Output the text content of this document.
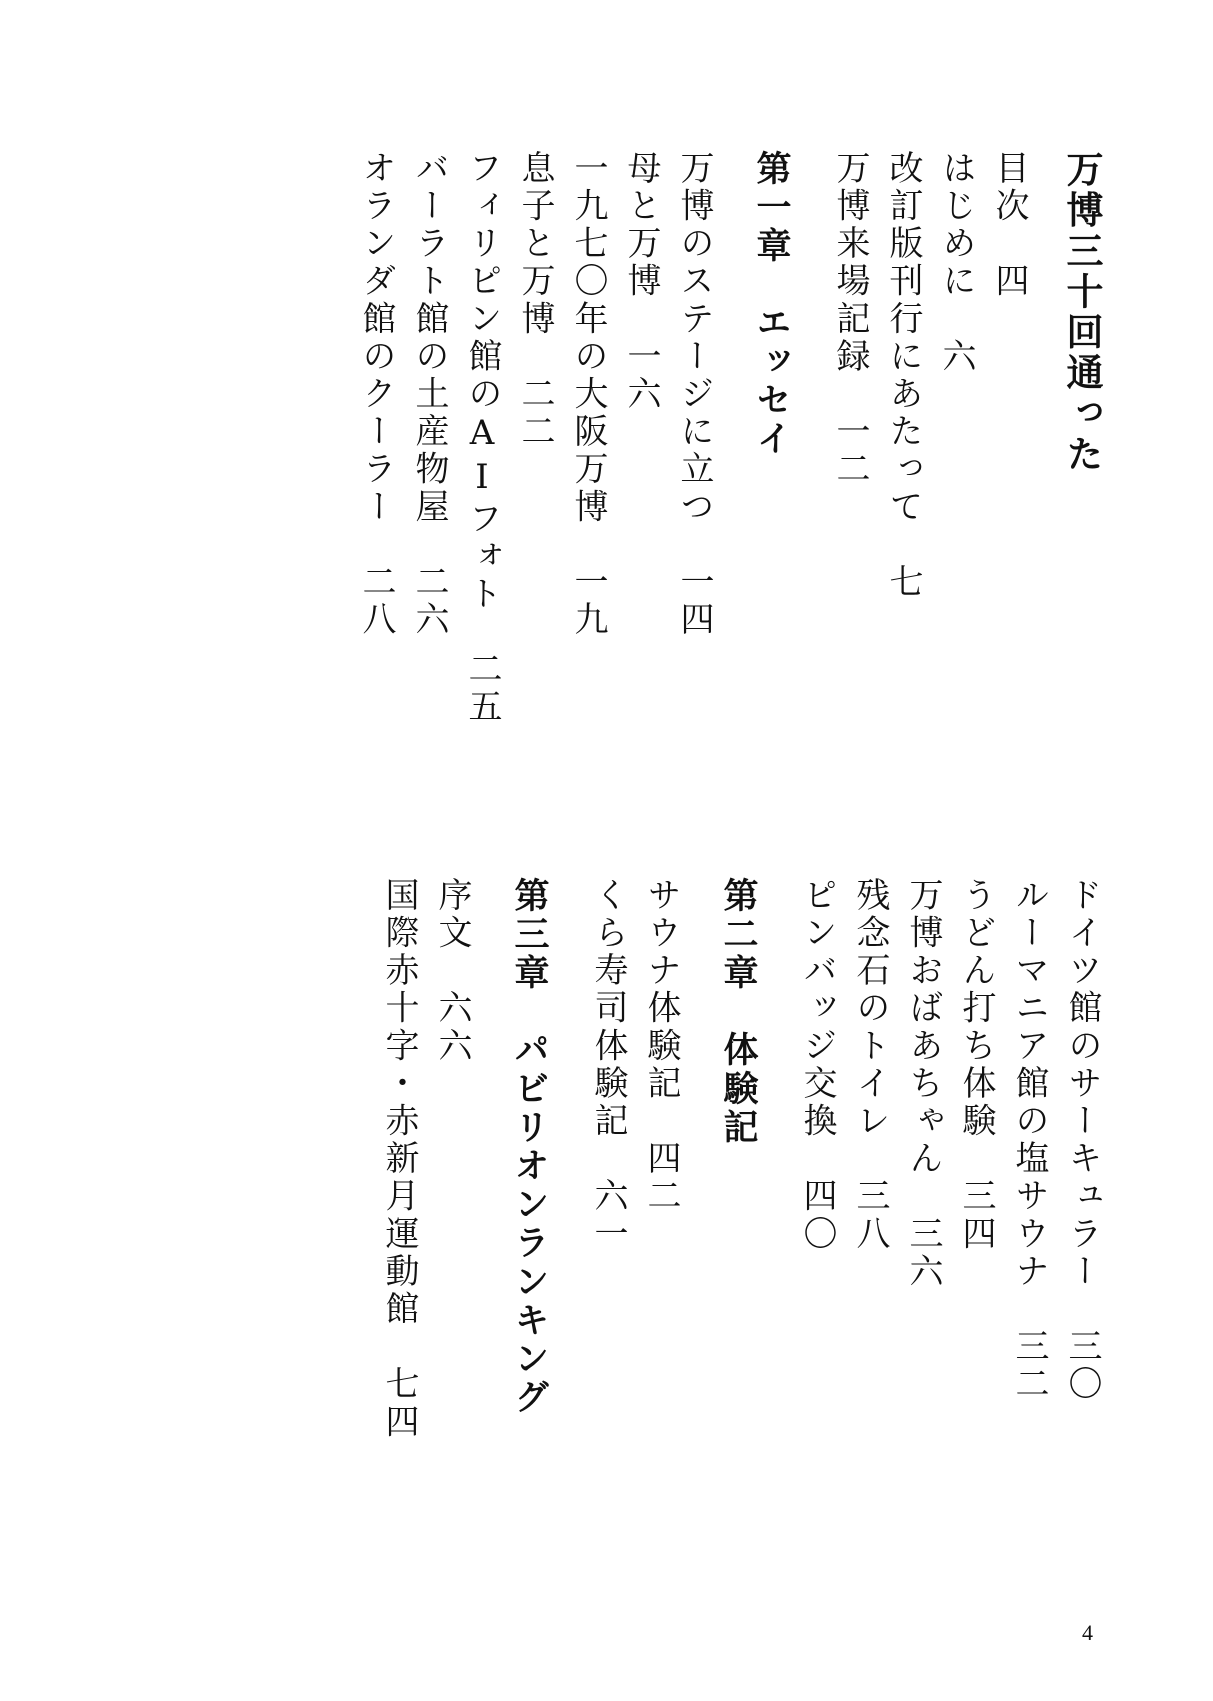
万博三十回通った
目次　四
はじめに　六
改訂版刊行にあたって　七
万博来場記録　一二
第一章　エッセイ
万博のステージに立つ　一四
母と万博　一六
一九七〇年の大阪万博　一九
息子と万博　二二
フィリピン館のAIフォト　二五
バーラト館の土産物屋　二六
オランダ館のクーラー　二八
ドイツ館のサーキュラー　三〇
ルーマニア館の塩サウナ　三二
うどん打ち体験　三四
万博おばあちゃん　三六
残念石のトイレ　三八
ピンバッジ交換　四〇
第二章　体験記
サウナ体験記　四二
くら寿司体験記　六一
第三章　パビリオンランキング
序文　六六
国際赤十字・赤新月運動館　七四
4
